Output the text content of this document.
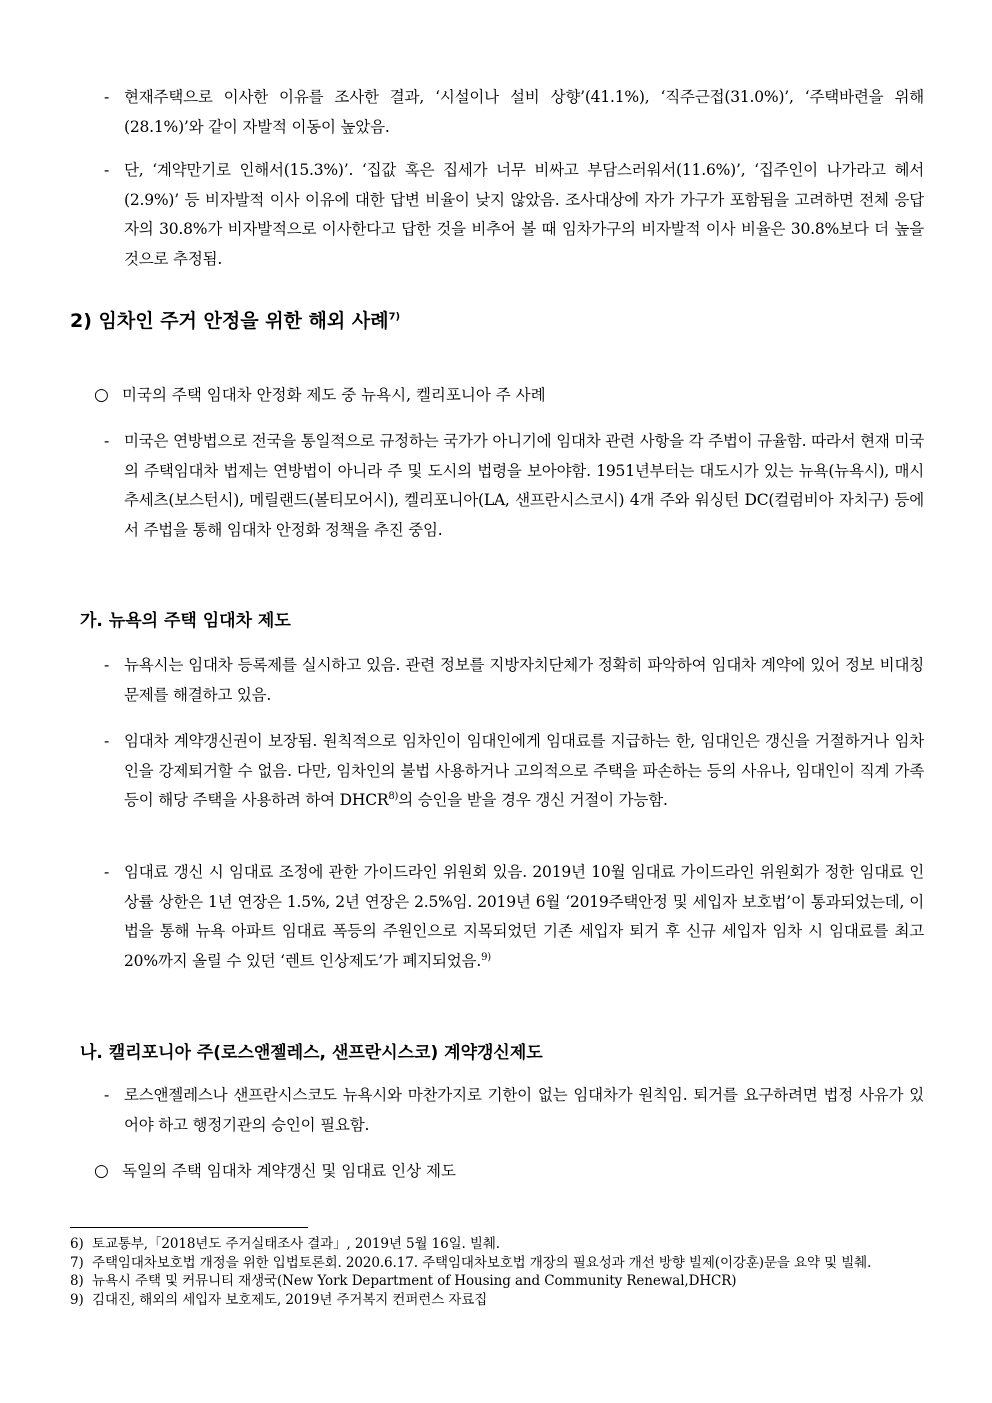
- 현재주택으로 이사한 이유를 조사한 결과, ‘시설이나 설비 상향’(41.1%), ‘직주근접(31.0%)’, ‘주택바련을 위해(28.1%)’와 같이 자발적 이동이 높았음.
- 단, ‘계약만기로 인해서(15.3%)’. ‘집값 혹은 집세가 너무 비싸고 부담스러워서(11.6%)’, ‘집주인이 나가라고 헤서(2.9%)’ 등 비자발적 이사 이유에 대한 답변 비율이 낮지 않았음. 조사대상에 자가 가구가 포함됨을 고려하면 전체 응답자의 30.8%가 비자발적으로 이사한다고 답한 것을 비추어 볼 때 임차가구의 비자발적 이사 비율은 30.8%보다 더 높을 것으로 추정됨.
2) 임차인 주거 안정을 위한 해외 사례$^{7)}$
○ 미국의 주택 임대차 안정화 제도 중 뉴욕시, 켈리포니아 주 사례
- 미국은 연방법으로 전국을 통일적으로 규정하는 국가가 아니기에 임대차 관련 사항을 각 주법이 규율함. 따라서 현재 미국의 주택임대차 법제는 연방법이 아니라 주 및 도시의 법령을 보아야함. 1951년부터는 대도시가 있는 뉴욕(뉴욕시), 매시추세츠(보스턴시), 메릴랜드(볼티모어시), 켈리포니아(LA, 샌프란시스코시) 4개 주와 워싱턴 DC(컬럼비아 자치구) 등에서 주법을 통해 임대차 안정화 정책을 추진 중임.
가. 뉴욕의 주택 임대차 제도
- 뉴욕시는 임대차 등록제를 실시하고 있음. 관련 정보를 지방자치단체가 정확히 파악하여 임대차 계약에 있어 정보 비대칭 문제를 해결하고 있음.
- 임대차 계약갱신권이 보장됨. 원칙적으로 임차인이 임대인에게 임대료를 지급하는 한, 임대인은 갱신을 거절하거나 임차인을 강제퇴거할 수 없음. 다만, 임차인의 불법 사용하거나 고의적으로 주택을 파손하는 등의 사유나, 임대인이 직계 가족 등이 해당 주택을 사용하려 하여 DHCR$^{8)}$의 승인을 받을 경우 갱신 거절이 가능함.
- 임대료 갱신 시 임대료 조정에 관한 가이드라인 위원회 있음. 2019년 10월 임대료 가이드라인 위원회가 정한 임대료 인상률 상한은 1년 연장은 1.5%, 2년 연장은 2.5%임. 2019년 6월 ‘2019주택안정 및 세입자 보호법’이 통과되었는데, 이 법을 통해 뉴욕 아파트 임대료 폭등의 주원인으로 지목되었던 기존 세입자 퇴거 후 신규 세입자 임차 시 임대료를 최고 20%까지 올릴 수 있던 ‘렌트 인상제도’가 폐지되었음.$^{9)}$
나. 캘리포니아 주(로스앤젤레스, 샌프란시스코) 계약갱신제도
- 로스앤젤레스나 샌프란시스코도 뉴욕시와 마찬가지로 기한이 없는 임대차가 원칙임. 퇴거를 요구하려면 법정 사유가 있어야 하고 행정기관의 승인이 필요함.
○ 독일의 주택 임대차 계약갱신 및 임대료 인상 제도
6) 토교통부,「2018년도 주거실태조사 결과」, 2019년 5월 16일. 빌췌.
7) 주택임대차보호법 개정을 위한 입법토론회. 2020.6.17. 주택임대차보호법 개장의 필요성과 개선 방향 빌제(이강훈)문을 요약 및 빌췌.
8) 뉴욕시 주택 및 커뮤니티 재생국(New York Department of Housing and Community Renewal,DHCR)
9) 김대진, 해외의 세입자 보호제도, 2019년 주거복지 컨퍼런스 자료집
